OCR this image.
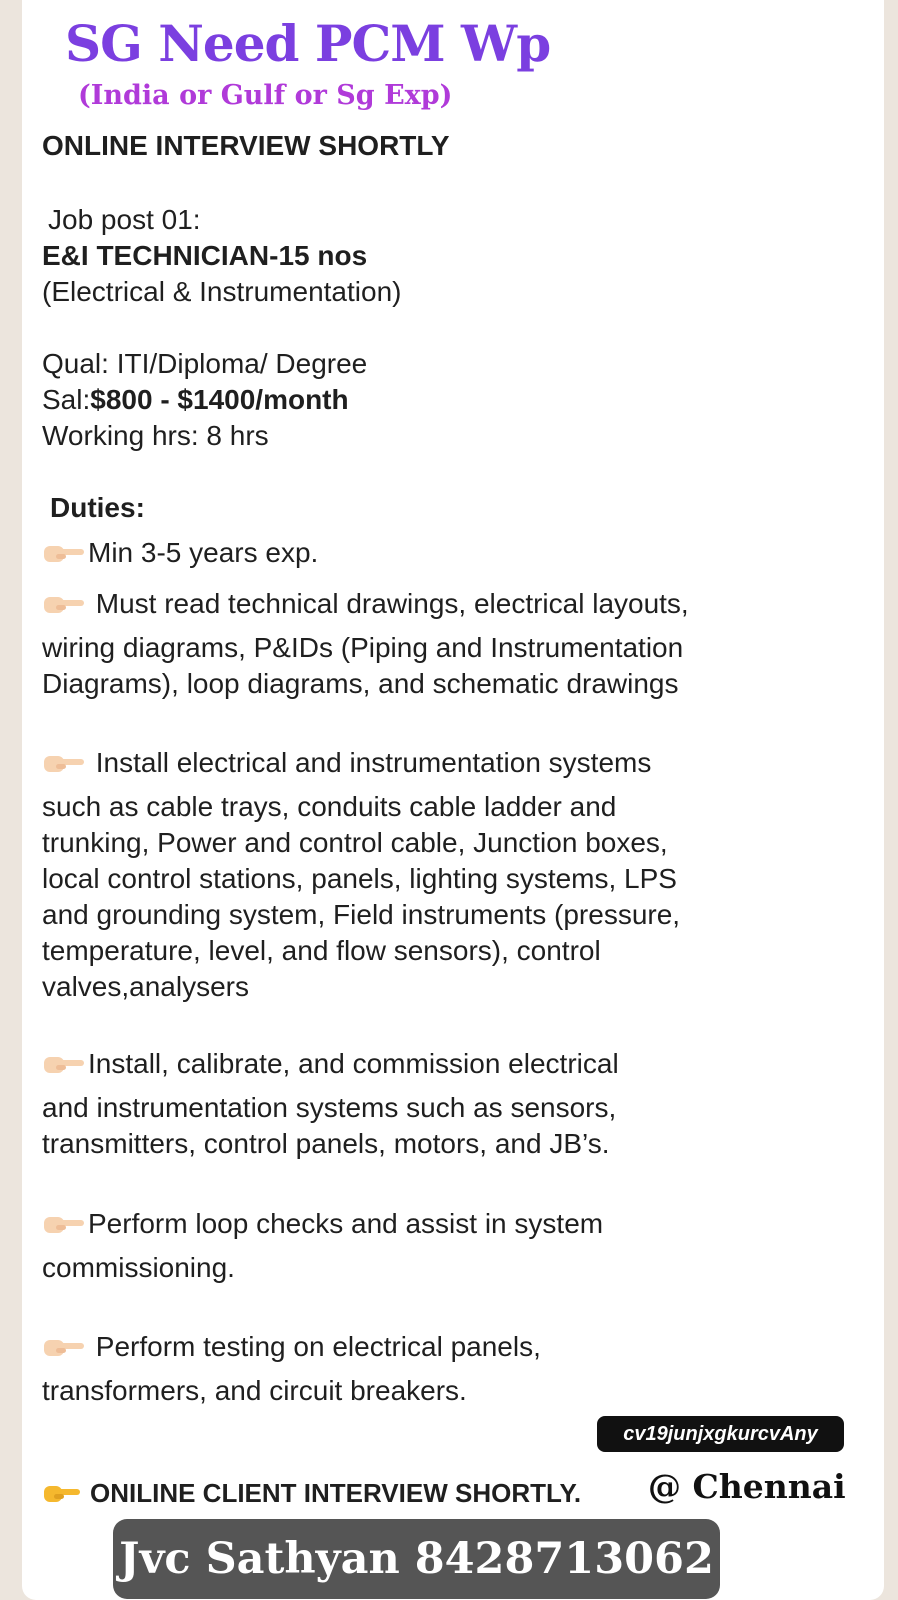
SG Need PCM Wp
(India or Gulf or Sg Exp)
ONLINE INTERVIEW SHORTLY
Job post 01:
E&I TECHNICIAN-15 nos
(Electrical & Instrumentation)
Qual: ITI/Diploma/ Degree
Sal:$800 - $1400/month
Working hrs: 8 hrs
Duties:
Min 3-5 years exp.
Must read technical drawings, electrical layouts,
wiring diagrams, P&IDs (Piping and Instrumentation
Diagrams), loop diagrams, and schematic drawings
Install electrical and instrumentation systems
such as cable trays, conduits cable ladder and
trunking, Power and control cable, Junction boxes,
local control stations, panels, lighting systems, LPS
and grounding system, Field instruments (pressure,
temperature, level, and flow sensors), control
valves,analysers
Install, calibrate, and commission electrical
and instrumentation systems such as sensors,
transmitters, control panels, motors, and JB’s.
Perform loop checks and assist in system
commissioning.
Perform testing on electrical panels,
transformers, and circuit breakers.
cv19junjxgkurcvAny
ONILINE CLIENT INTERVIEW SHORTLY. @ Chennai
Jvc Sathyan 8428713062
